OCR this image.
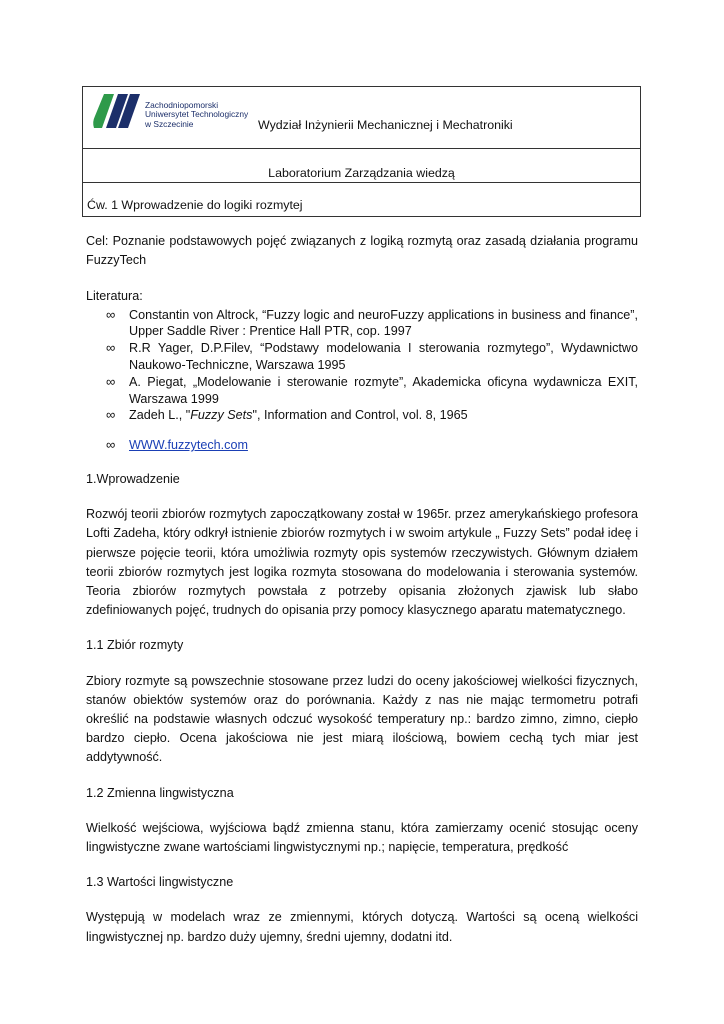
Zachodniopomorski
Uniwersytet Technologiczny
w Szczecinie	Wydział Inżynierii Mechanicznej i Mechatroniki
Laboratorium Zarządzania wiedzą
Ćw. 1 Wprowadzenie do logiki rozmytej

Cel: Poznanie podstawowych pojęć związanych z logiką rozmytą oraz zasadą działania programu FuzzyTech

Literatura:

∞ Constantin von Altrock, “Fuzzy logic and neuroFuzzy applications in business and finance”, Upper Saddle River : Prentice Hall PTR, cop. 1997
∞ R.R Yager, D.P.Filev, “Podstawy modelowania I sterowania rozmytego”, Wydawnictwo Naukowo-Techniczne, Warszawa 1995
∞ A. Piegat, „Modelowanie i sterowanie rozmyte”, Akademicka oficyna wydawnicza EXIT, Warszawa 1999
∞ Zadeh L., "Fuzzy Sets", Information and Control, vol. 8, 1965
∞ WWW.fuzzytech.com

1.Wprowadzenie

Rozwój teorii zbiorów rozmytych zapoczątkowany został w 1965r. przez amerykańskiego profesora Lofti Zadeha, który odkrył istnienie zbiorów rozmytych i w swoim artykule „ Fuzzy Sets” podał ideę i pierwsze pojęcie teorii, która umożliwia rozmyty opis systemów rzeczywistych. Głównym działem teorii zbiorów rozmytych jest logika rozmyta stosowana do modelowania i sterowania systemów. Teoria zbiorów rozmytych powstała z potrzeby opisania złożonych zjawisk lub słabo zdefiniowanych pojęć, trudnych do opisania przy pomocy klasycznego aparatu matematycznego.

1.1 Zbiór rozmyty

Zbiory rozmyte są powszechnie stosowane przez ludzi do oceny jakościowej wielkości fizycznych, stanów obiektów systemów oraz do porównania. Każdy z nas nie mając termometru potrafi określić na podstawie własnych odczuć wysokość temperatury np.: bardzo zimno, zimno, ciepło bardzo ciepło. Ocena jakościowa nie jest miarą ilościową, bowiem cechą tych miar jest addytywność.

1.2 Zmienna lingwistyczna

Wielkość wejściowa, wyjściowa bądź zmienna stanu, która zamierzamy ocenić stosując oceny lingwistyczne zwane wartościami lingwistycznymi np.; napięcie, temperatura, prędkość

1.3 Wartości lingwistyczne

Występują w modelach wraz ze zmiennymi, których dotyczą. Wartości są oceną wielkości lingwistycznej np. bardzo duży ujemny, średni ujemny, dodatni itd.
